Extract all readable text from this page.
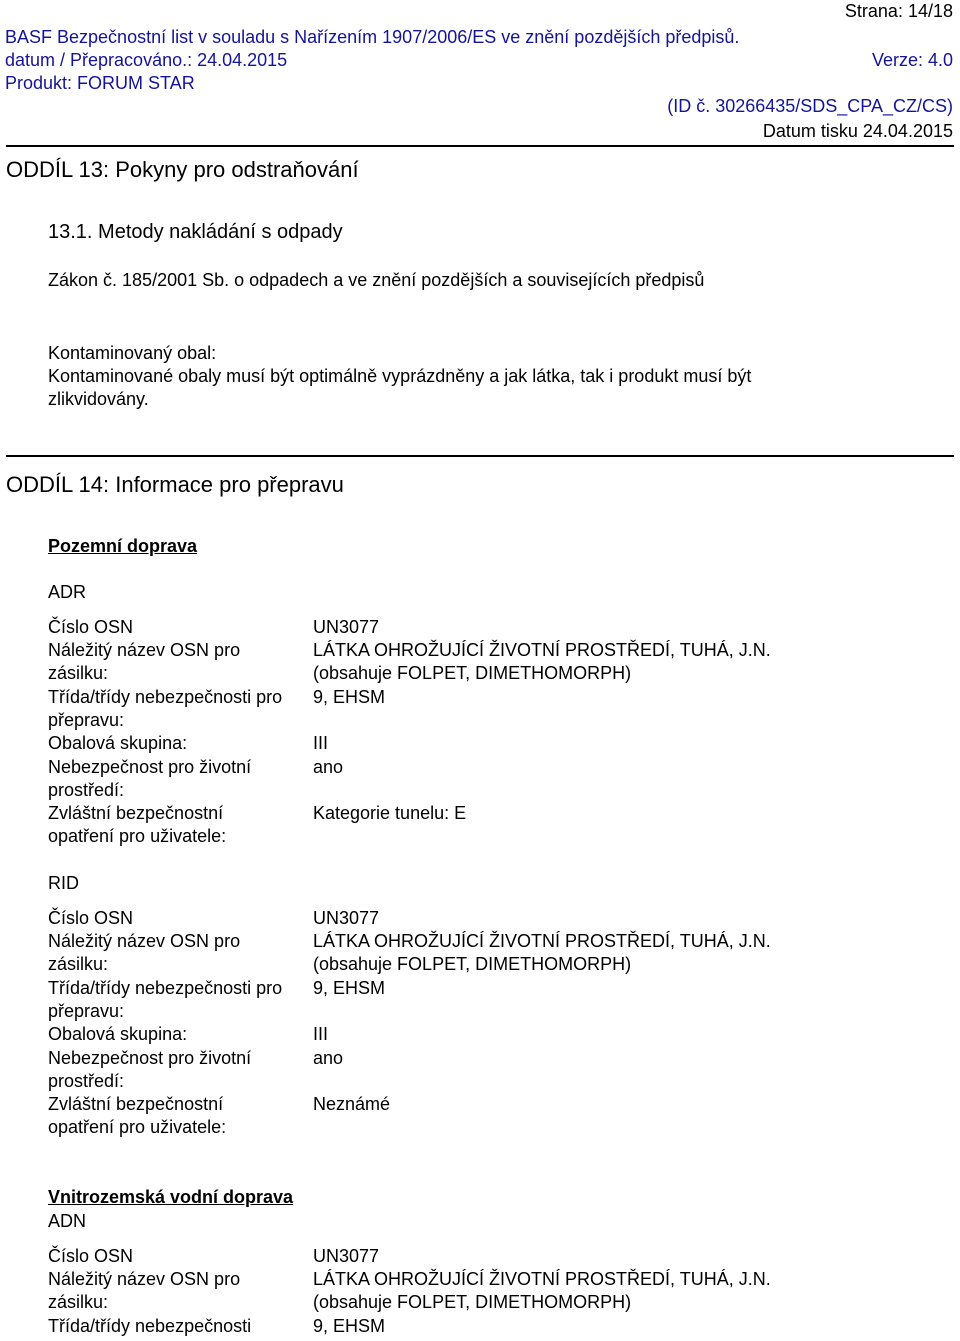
Strana: 14/18
BASF Bezpečnostní list v souladu s Nařízením 1907/2006/ES ve znění pozdějších předpisů.
datum / Přepracováno.: 24.04.2015	Verze: 4.0
Produkt: FORUM STAR
(ID č. 30266435/SDS_CPA_CZ/CS)
Datum tisku 24.04.2015
ODDÍL 13: Pokyny pro odstraňování
13.1. Metody nakládání s odpady
Zákon č. 185/2001 Sb. o odpadech a ve znění pozdějších a souvisejících předpisů
Kontaminovaný obal:
Kontaminované obaly musí být optimálně vyprázdněny a jak látka, tak i produkt musí být
zlikvidovány.
ODDÍL 14: Informace pro přepravu
Pozemní doprava
ADR
Číslo OSN	UN3077
Náležitý název OSN pro zásilku:
LÁTKA OHROŽUJÍCÍ ŽIVOTNÍ PROSTŘEDÍ, TUHÁ, J.N.
(obsahuje FOLPET, DIMETHOMORPH)
Třída/třídy nebezpečnosti pro přepravu:
9, EHSM
Obalová skupina:	III
Nebezpečnost pro životní prostředí:
ano
Zvláštní bezpečnostní opatření pro uživatele:
Kategorie tunelu: E
RID
Číslo OSN	UN3077
Náležitý název OSN pro zásilku:
LÁTKA OHROŽUJÍCÍ ŽIVOTNÍ PROSTŘEDÍ, TUHÁ, J.N.
(obsahuje FOLPET, DIMETHOMORPH)
Třída/třídy nebezpečnosti pro přepravu:
9, EHSM
Obalová skupina:	III
Nebezpečnost pro životní prostředí:
ano
Zvláštní bezpečnostní opatření pro uživatele:
Neznámé
Vnitrozemská vodní doprava
ADN
Číslo OSN	UN3077
Náležitý název OSN pro zásilku:
LÁTKA OHROŽUJÍCÍ ŽIVOTNÍ PROSTŘEDÍ, TUHÁ, J.N.
(obsahuje FOLPET, DIMETHOMORPH)
Třída/třídy nebezpečnosti	9, EHSM
